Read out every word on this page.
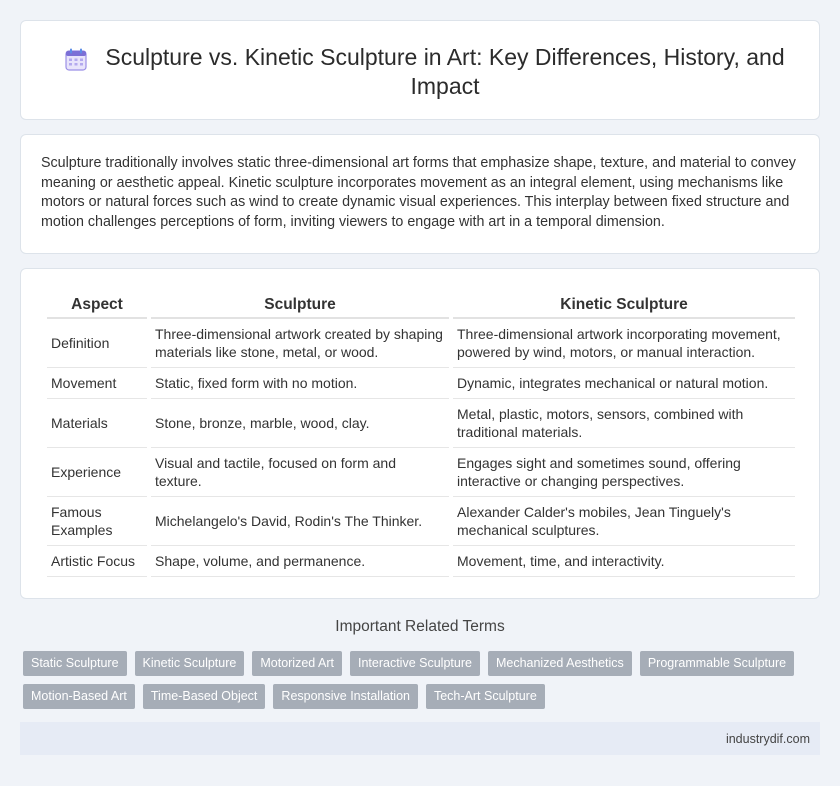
Sculpture vs. Kinetic Sculpture in Art: Key Differences, History, and Impact

Sculpture traditionally involves static three-dimensional art forms that emphasize shape, texture, and material to convey meaning or aesthetic appeal. Kinetic sculpture incorporates movement as an integral element, using mechanisms like motors or natural forces such as wind to create dynamic visual experiences. This interplay between fixed structure and motion challenges perceptions of form, inviting viewers to engage with art in a temporal dimension.

Aspect	Sculpture	Kinetic Sculpture
Definition	Three-dimensional artwork created by shaping materials like stone, metal, or wood.	Three-dimensional artwork incorporating movement, powered by wind, motors, or manual interaction.
Movement	Static, fixed form with no motion.	Dynamic, integrates mechanical or natural motion.
Materials	Stone, bronze, marble, wood, clay.	Metal, plastic, motors, sensors, combined with traditional materials.
Experience	Visual and tactile, focused on form and texture.	Engages sight and sometimes sound, offering interactive or changing perspectives.
Famous Examples	Michelangelo's David, Rodin's The Thinker.	Alexander Calder's mobiles, Jean Tinguely's mechanical sculptures.
Artistic Focus	Shape, volume, and permanence.	Movement, time, and interactivity.
Important Related Terms
Static Sculpture	Kinetic Sculpture	Motorized Art	Interactive Sculpture	Mechanized Aesthetics	Programmable Sculpture
Motion-Based Art	Time-Based Object	Responsive Installation	Tech-Art Sculpture
industrydif.com
